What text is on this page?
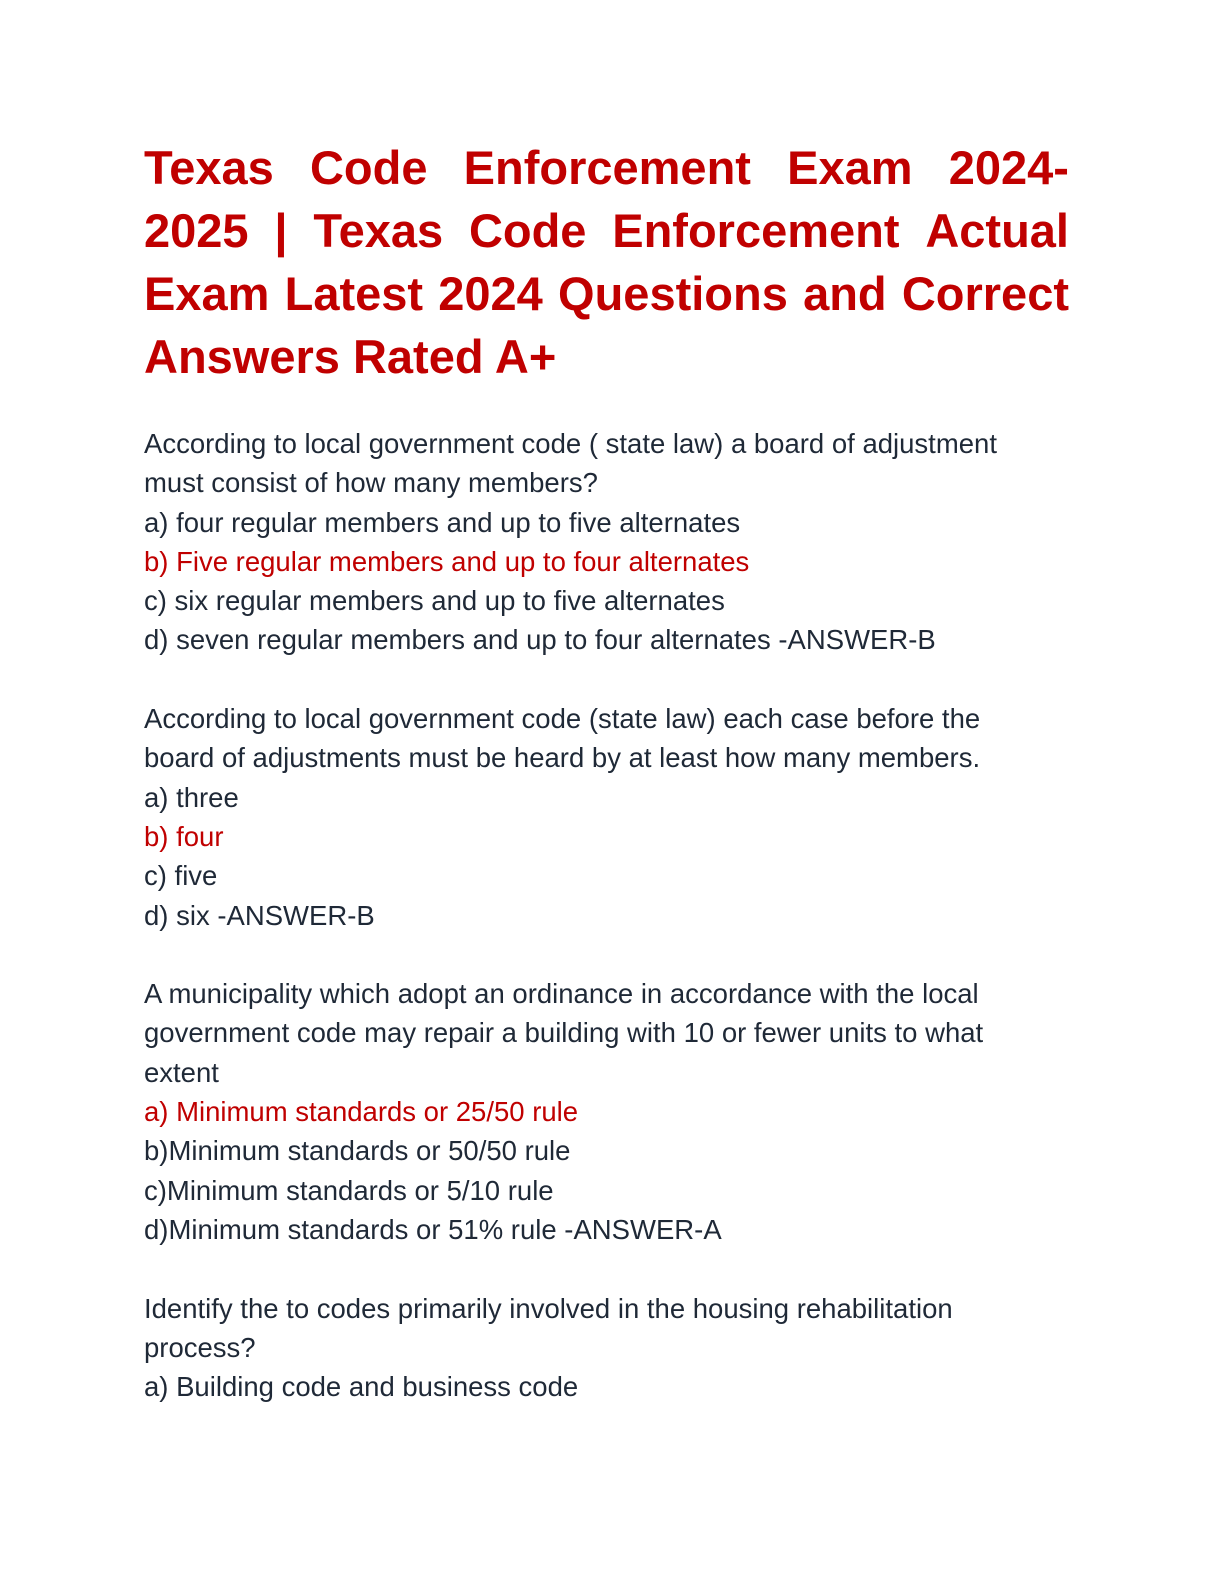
Texas Code Enforcement Exam 2024-
2025 | Texas Code Enforcement Actual
Exam Latest 2024 Questions and Correct
Answers Rated A+
According to local government code ( state law) a board of adjustment
must consist of how many members?
a) four regular members and up to five alternates
b) Five regular members and up to four alternates
c) six regular members and up to five alternates
d) seven regular members and up to four alternates -ANSWER-B
According to local government code (state law) each case before the
board of adjustments must be heard by at least how many members.
a) three
b) four
c) five
d) six -ANSWER-B
A municipality which adopt an ordinance in accordance with the local
government code may repair a building with 10 or fewer units to what
extent
a) Minimum standards or 25/50 rule
b)Minimum standards or 50/50 rule
c)Minimum standards or 5/10 rule
d)Minimum standards or 51% rule -ANSWER-A
Identify the to codes primarily involved in the housing rehabilitation
process?
a) Building code and business code
